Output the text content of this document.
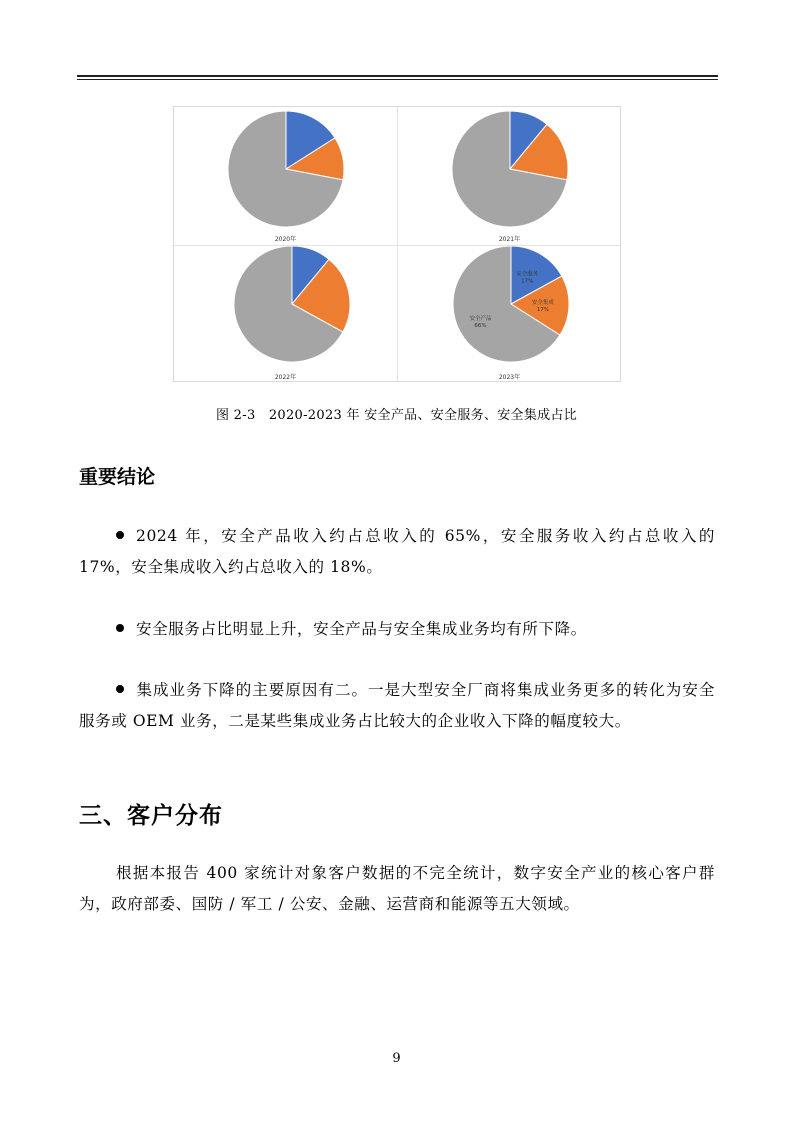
2020年	2021年
2022年
安全服务
17%
安全集成
17%
安全产品
66%
2023年
图 2-3　2020-2023 年 安全产品、安全服务、安全集成占比
重要结论

2024 年，安全产品收入约占总收入的 65%，安全服务收入约占总收入的 17%，安全集成收入约占总收入的 18%。

安全服务占比明显上升，安全产品与安全集成业务均有所下降。

集成业务下降的主要原因有二。一是大型安全厂商将集成业务更多的转化为安全服务或 OEM 业务，二是某些集成业务占比较大的企业收入下降的幅度较大。

三、客户分布

根据本报告 400 家统计对象客户数据的不完全统计，数字安全产业的核心客户群为，政府部委、国防 / 军工 / 公安、金融、运营商和能源等五大领域。

9
